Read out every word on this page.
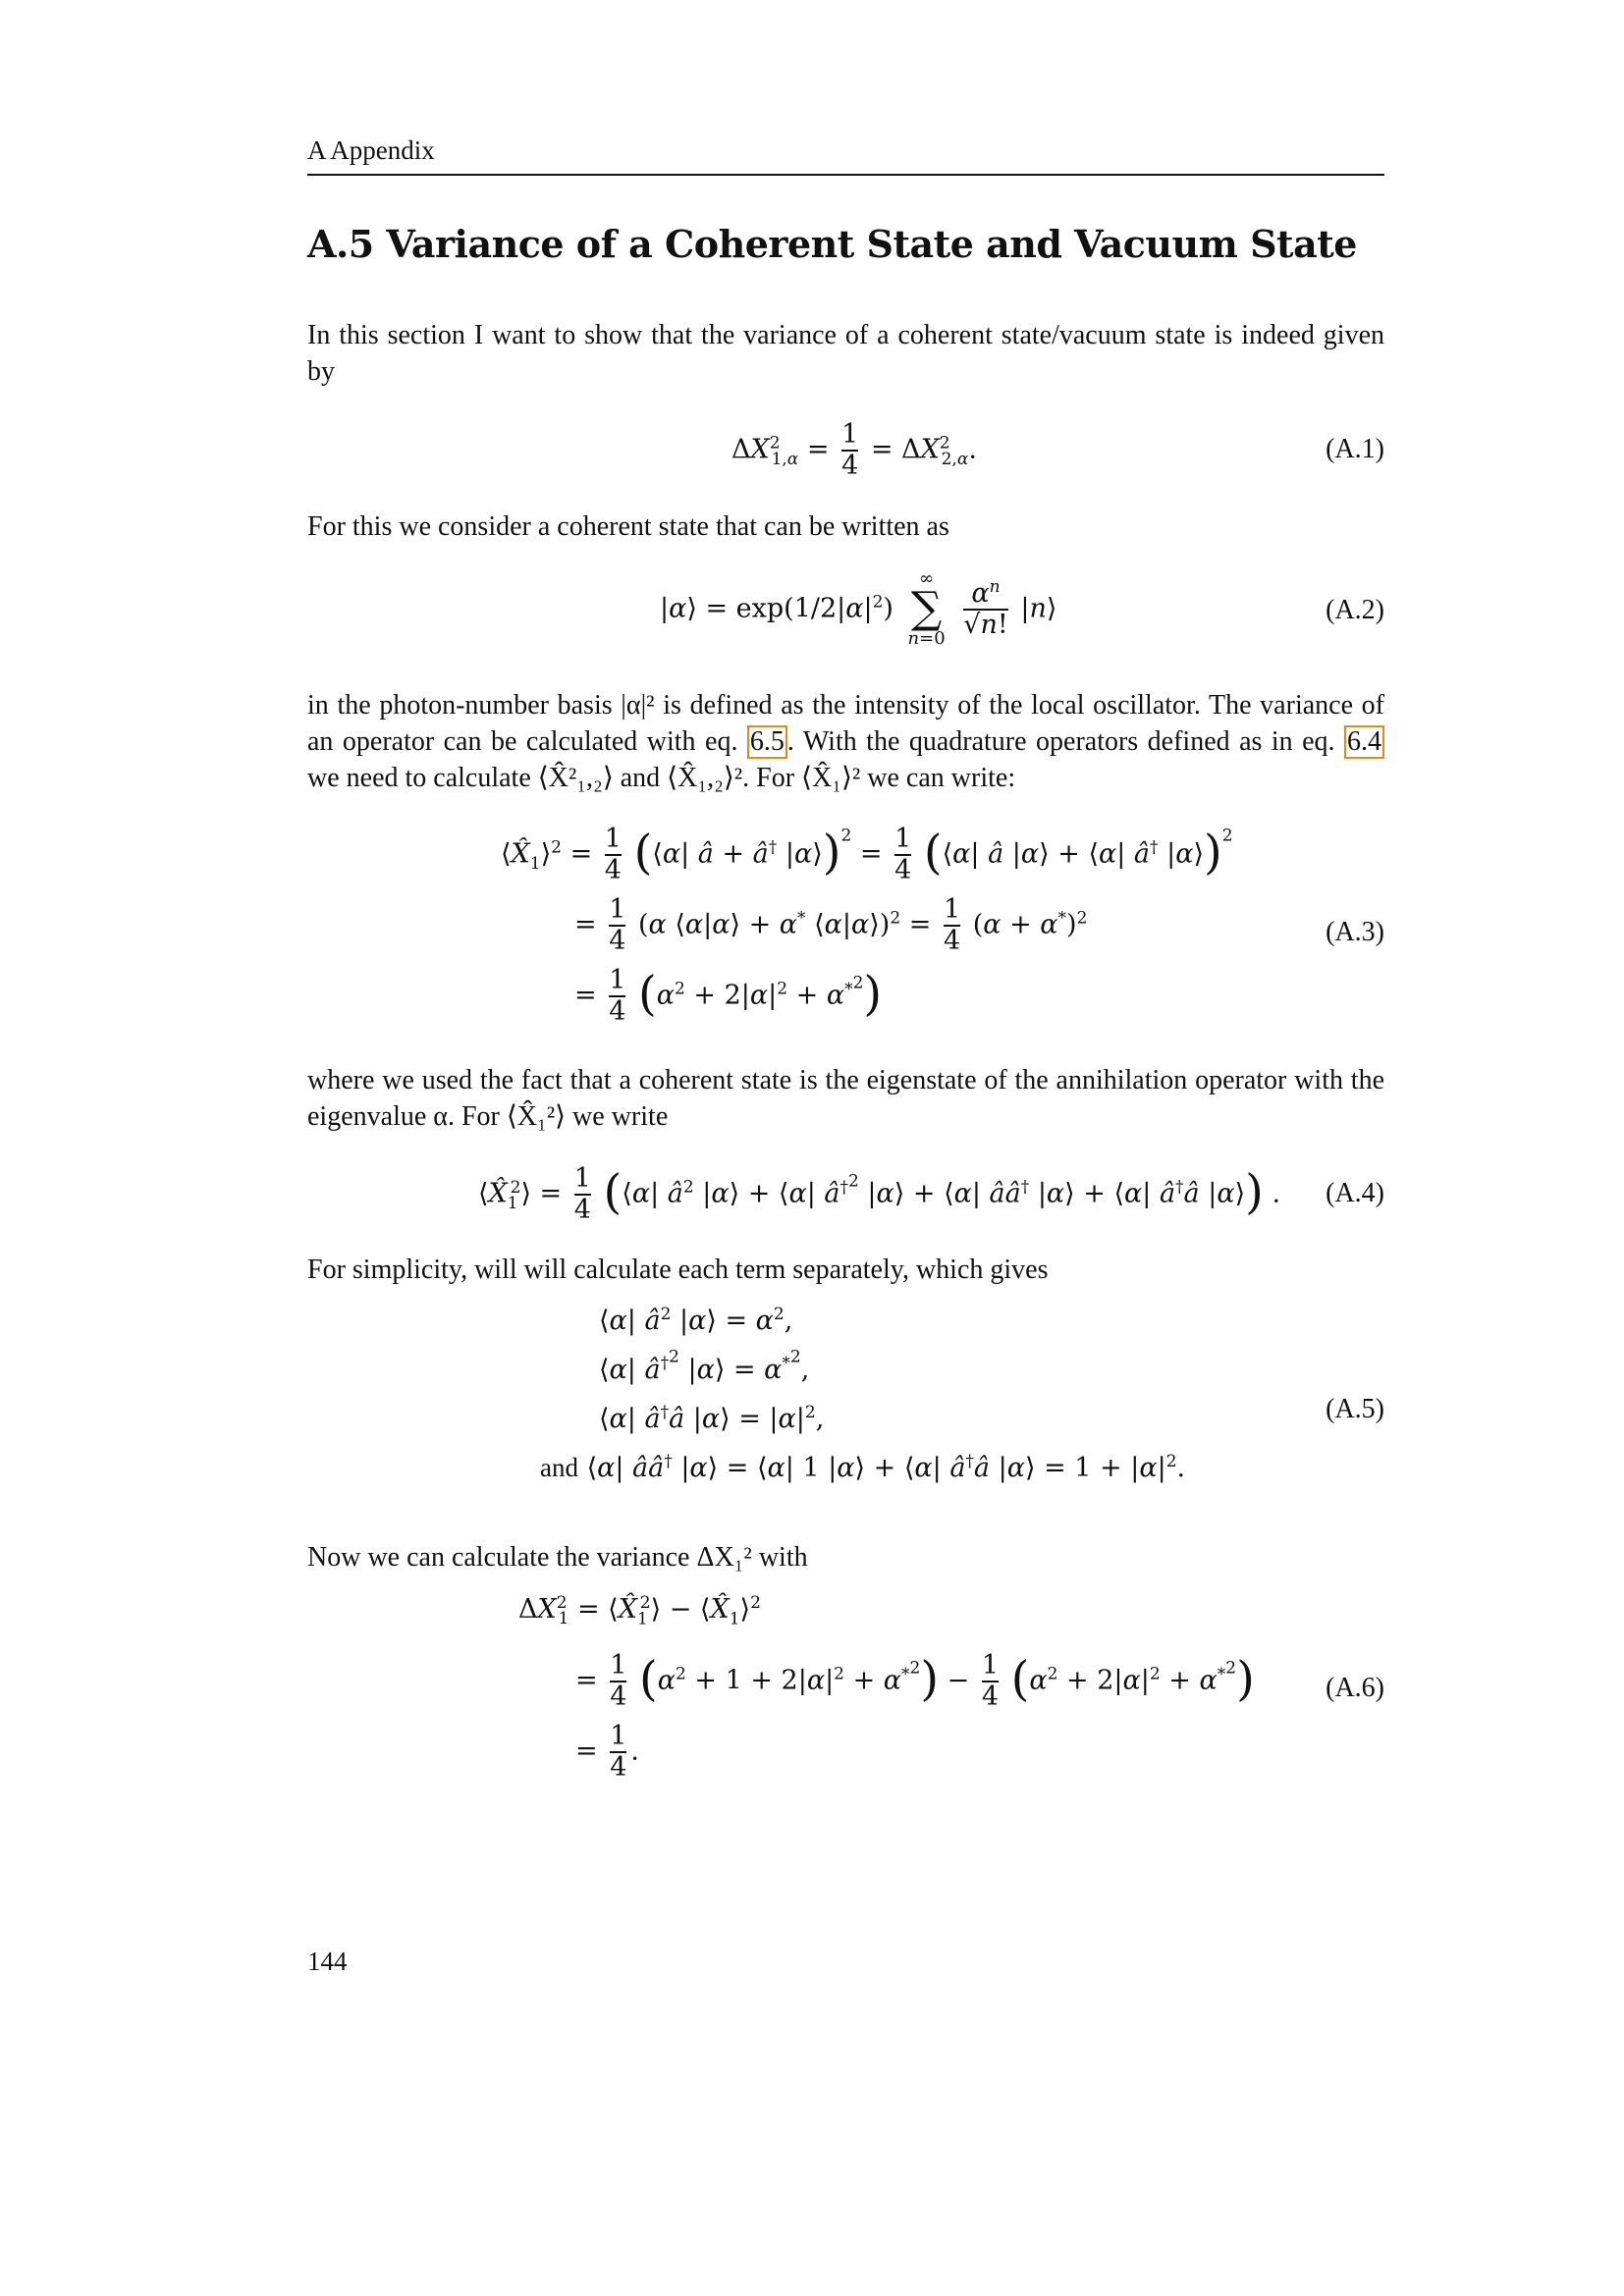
A Appendix
A.5 Variance of a Coherent State and Vacuum State
In this section I want to show that the variance of a coherent state/vacuum state is indeed given by
$\Delta X^2_{1,\alpha} = \frac{1}{4} = \Delta X^2_{2,\alpha}$.	(A.1)
For this we consider a coherent state that can be written as
|α⟩ = $\exp(1/2|\alpha|^2)$
∞
∑
n=0
$\frac{\alpha^n}{√n!}$ |n⟩	(A.2)
in the photon-number basis |α|² is defined as the intensity of the local oscillator. The variance of an operator can be calculated with eq. 6.5 . With the quadrature operators defined as in eq. 6.4 we need to calculate ⟨X̂²₁,₂⟩ and ⟨X̂₁,₂⟩². For ⟨X̂₁⟩² we can write:
$⟨X̂_1⟩^2 = \frac{1}{4}$ (⟨α| â + â† |α⟩)$^2$ = $\frac{1}{4}$ (⟨α| â |α⟩ + ⟨α| â† |α⟩)$^2$
= $\frac{1}{4} (\alpha$ ⟨α|α⟩ + α* ⟨α|α⟩)$^2$ = $\frac{1}{4} (\alpha + \alpha^*)^2$
= $\frac{1}{4} (\alpha^2 + 2|\alpha|^2 + \alpha^{*^2})$
(A.3)
where we used the fact that a coherent state is the eigenstate of the annihilation operator with the eigenvalue α. For ⟨X̂₁²⟩ we write
$⟨X̂_1^2⟩ = \frac{1}{4}$ (⟨α| $â^2$ |α⟩ + ⟨α| $â^{\dagger^2}$ |α⟩ + ⟨α| ââ† |α⟩ + ⟨α| â†â |α⟩) .	(A.4)
For simplicity, will will calculate each term separately, which gives
⟨α| $â^2$ |α⟩ = $\alpha^2$,
⟨α| $â^{\dagger^2}$ |α⟩ = $\alpha^{*^2}$,
⟨α| â†â |α⟩ = $|\alpha|^2$,
and ⟨α| ââ† |α⟩ = ⟨α| 1 |α⟩ + ⟨α| â†â |α⟩ = $1 + |\alpha|^2$.
(A.5)
Now we can calculate the variance ΔX₁² with
$\Delta X^2_1$ = $⟨X̂_1^2⟩$ − $⟨X̂_1⟩^2$
= $\frac{1}{4} (\alpha^2 + 1 + 2|\alpha|^2 + \alpha^{*^2}) - \frac{1}{4} (\alpha^2 + 2|\alpha|^2 + \alpha^{*^2})$
= $\frac{1}{4}$ .
(A.6)
144
